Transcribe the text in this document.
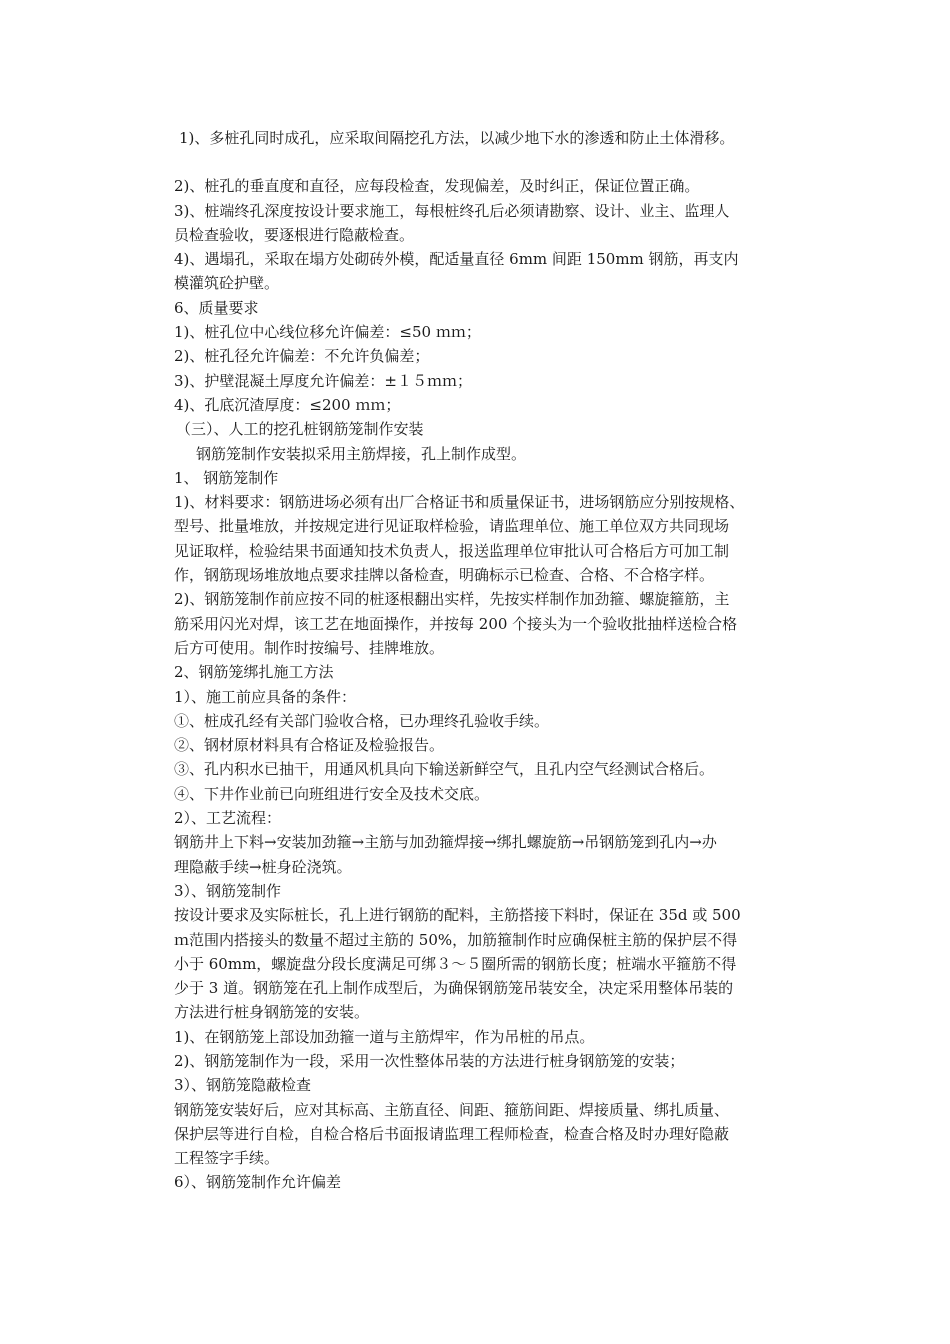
1)、多桩孔同时成孔，应采取间隔挖孔方法，以减少地下水的渗透和防止土体滑移。

2)、桩孔的垂直度和直径，应每段检查，发现偏差，及时纠正，保证位置正确。

3)、桩端终孔深度按设计要求施工，每根桩终孔后必须请勘察、设计、业主、监理人

员检查验收，要逐根进行隐蔽检查。

4)、遇塌孔，采取在塌方处砌砖外模，配适量直径 6mm 间距 150mm 钢筋，再支内

模灌筑砼护壁。

6、质量要求

1)、桩孔位中心线位移允许偏差：≤50 ｍｍ；

2)、桩孔径允许偏差：不允许负偏差；

3)、护壁混凝土厚度允许偏差：±１５ｍｍ；

4)、孔底沉渣厚度：≤200 ｍｍ；

（三）、人工的挖孔桩钢筋笼制作安装

钢筋笼制作安装拟采用主筋焊接，孔上制作成型。

1、 钢筋笼制作

1)、材料要求：钢筋进场必须有出厂合格证书和质量保证书，进场钢筋应分别按规格、

型号、批量堆放，并按规定进行见证取样检验，请监理单位、施工单位双方共同现场

见证取样，检验结果书面通知技术负责人，报送监理单位审批认可合格后方可加工制

作，钢筋现场堆放地点要求挂牌以备检查，明确标示已检查、合格、不合格字样。

2)、钢筋笼制作前应按不同的桩逐根翻出实样，先按实样制作加劲箍、螺旋箍筋，主

筋采用闪光对焊，该工艺在地面操作，并按每 200 个接头为一个验收批抽样送检合格

后方可使用。制作时按编号、挂牌堆放。

2、钢筋笼绑扎施工方法

1）、施工前应具备的条件：

①、桩成孔经有关部门验收合格，已办理终孔验收手续。

②、钢材原材料具有合格证及检验报告。

③、孔内积水已抽干，用通风机具向下输送新鲜空气，且孔内空气经测试合格后。

④、下井作业前已向班组进行安全及技术交底。

2）、工艺流程：

钢筋井上下料→安装加劲箍→主筋与加劲箍焊接→绑扎螺旋筋→吊钢筋笼到孔内→办

理隐蔽手续→桩身砼浇筑。

3）、钢筋笼制作

按设计要求及实际桩长，孔上进行钢筋的配料，主筋搭接下料时，保证在 35d 或 500

ｍ范围内搭接头的数量不超过主筋的 50%，加筋箍制作时应确保桩主筋的保护层不得

小于 60mm，螺旋盘分段长度满足可绑３～５圈所需的钢筋长度；桩端水平箍筋不得

少于 3 道。钢筋笼在孔上制作成型后，为确保钢筋笼吊装安全，决定采用整体吊装的

方法进行桩身钢筋笼的安装。

1)、在钢筋笼上部设加劲箍一道与主筋焊牢，作为吊桩的吊点。

2)、钢筋笼制作为一段，采用一次性整体吊装的方法进行桩身钢筋笼的安装；

3）、钢筋笼隐蔽检查

钢筋笼安装好后，应对其标高、主筋直径、间距、箍筋间距、焊接质量、绑扎质量、

保护层等进行自检，自检合格后书面报请监理工程师检查，检查合格及时办理好隐蔽

工程签字手续。

6）、钢筋笼制作允许偏差
